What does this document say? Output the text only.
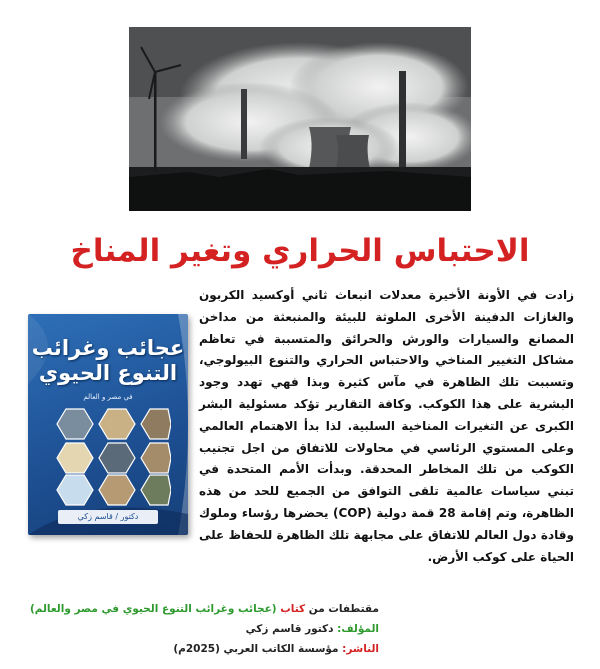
الاحتباس الحراري وتغير المناخ
عجائب وغرائب
التنوع الحيوي
في مصر و العالم
دكتور / قاسم زكي
زادت في الأونة الأخيرة معدلات انبعاث ثاني أوكسيد الكربون والغازات الدفينة الأخرى الملوثة للبيئة والمنبعثة من مداخن المصانع والسيارات والورش والحرائق والمتسببة في تعاظم مشاكل التغيير المناخي والاحتباس الحراري والتنوع البيولوجي، وتسببت تلك الظاهرة في مآس كثيرة وبذا فهي تهدد وجود البشرية على هذا الكوكب. وكافة التقارير تؤكد مسئولية البشر الكبرى عن التغيرات المناخية السلبية. لذا بدأ الاهتمام العالمي وعلى المستوي الرئاسي في محاولات للاتفاق من اجل تجنيب الكوكب من تلك المخاطر المحدقة. وبدأت الأمم المتحدة في تبني سياسات عالمية تلقى التوافق من الجميع للحد من هذه الظاهرة، وتم إقامة 28 قمة دولية (COP) يحضرها رؤساء وملوك وقادة دول العالم للاتفاق على مجابهة تلك الظاهرة للحفاظ على الحياة على كوكب الأرض.
مقتطفات من كتاب (عجائب وغرائب التنوع الحيوي في مصر والعالم)
المؤلف: دكتور قاسم زكي
الناشر: مؤسسة الكاتب العربي (2025م)
